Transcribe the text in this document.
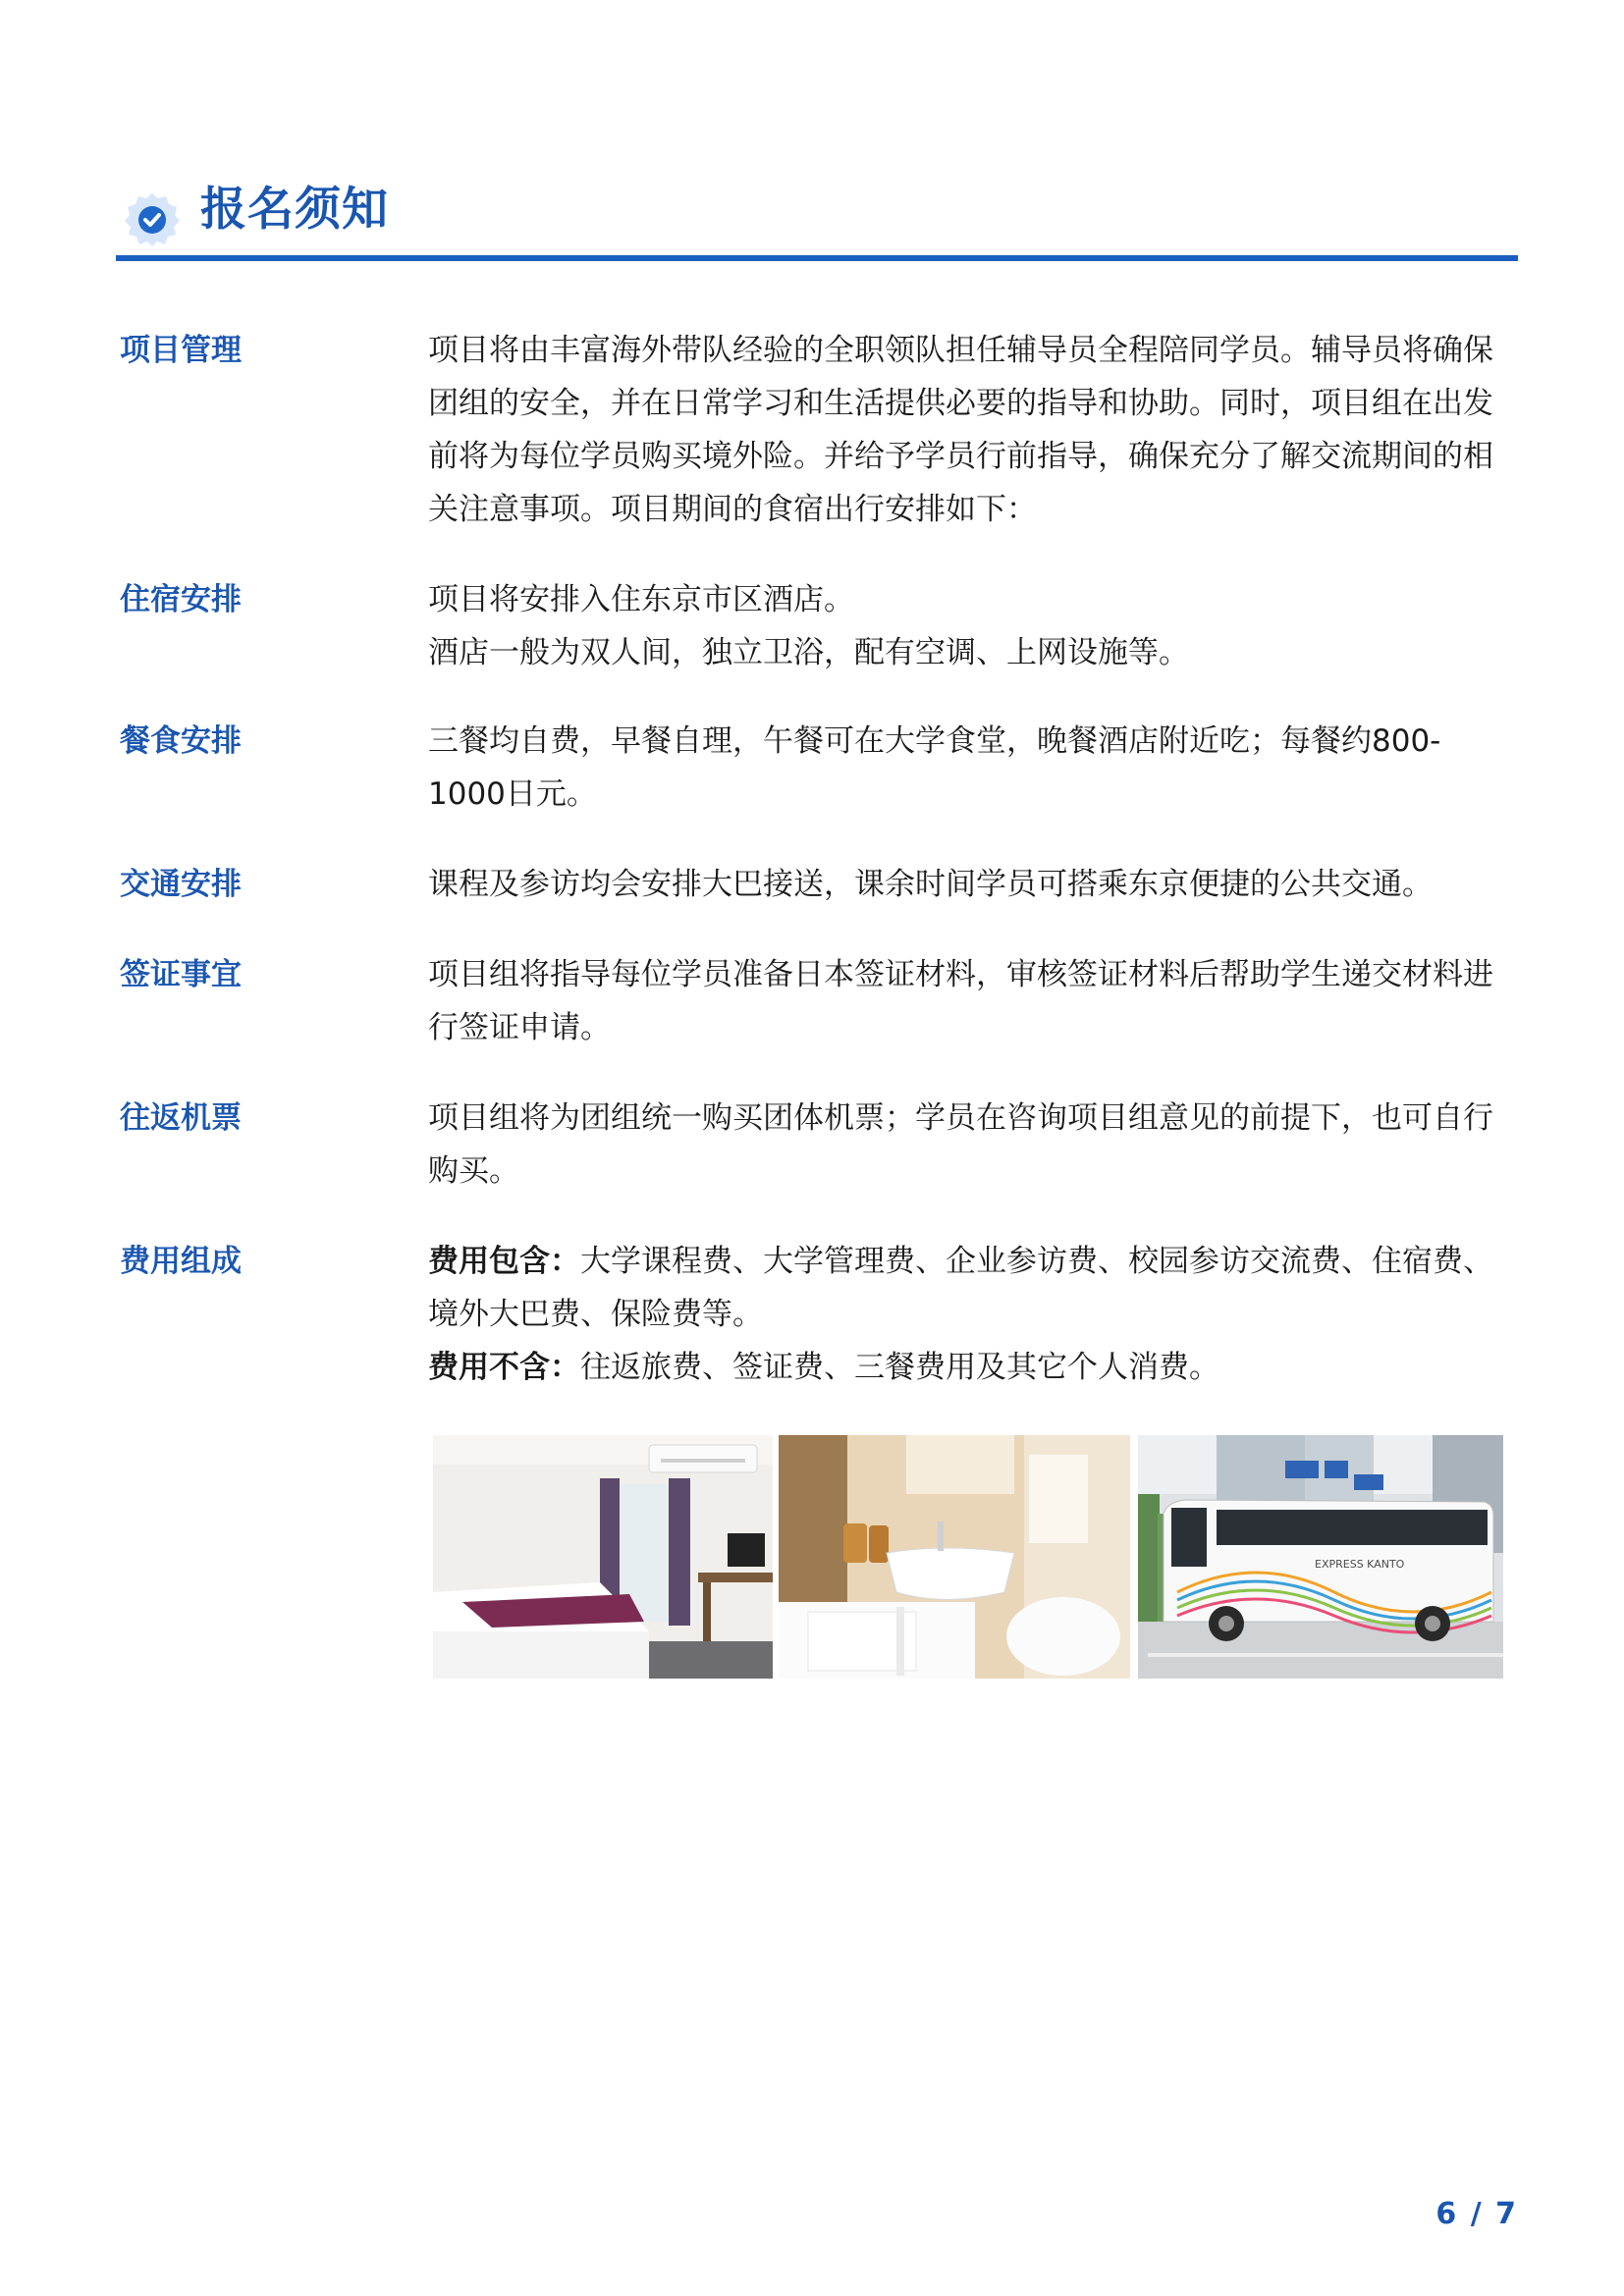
报名须知
项目管理	项目将由丰富海外带队经验的全职领队担任辅导员全程陪同学员。辅导员将确保团组的安全，并在日常学习和生活提供必要的指导和协助。同时，项目组在出发前将为每位学员购买境外险。并给予学员行前指导，确保充分了解交流期间的相关注意事项。项目期间的食宿出行安排如下：

住宿安排	项目将安排入住东京市区酒店。

酒店一般为双人间，独立卫浴，配有空调、上网设施等。

餐食安排	三餐均自费，早餐自理，午餐可在大学食堂，晚餐酒店附近吃；每餐约800-1000日元。

交通安排	课程及参访均会安排大巴接送，课余时间学员可搭乘东京便捷的公共交通。

签证事宜	项目组将指导每位学员准备日本签证材料，审核签证材料后帮助学生递交材料进行签证申请。

往返机票	项目组将为团组统一购买团体机票；学员在咨询项目组意见的前提下，也可自行购买。

费用组成	费用包含：大学课程费、大学管理费、企业参访费、校园参访交流费、住宿费、境外大巴费、保险费等。

费用不含：往返旅费、签证费、三餐费用及其它个人消费。

EXPRESS KANTO
6 / 7
